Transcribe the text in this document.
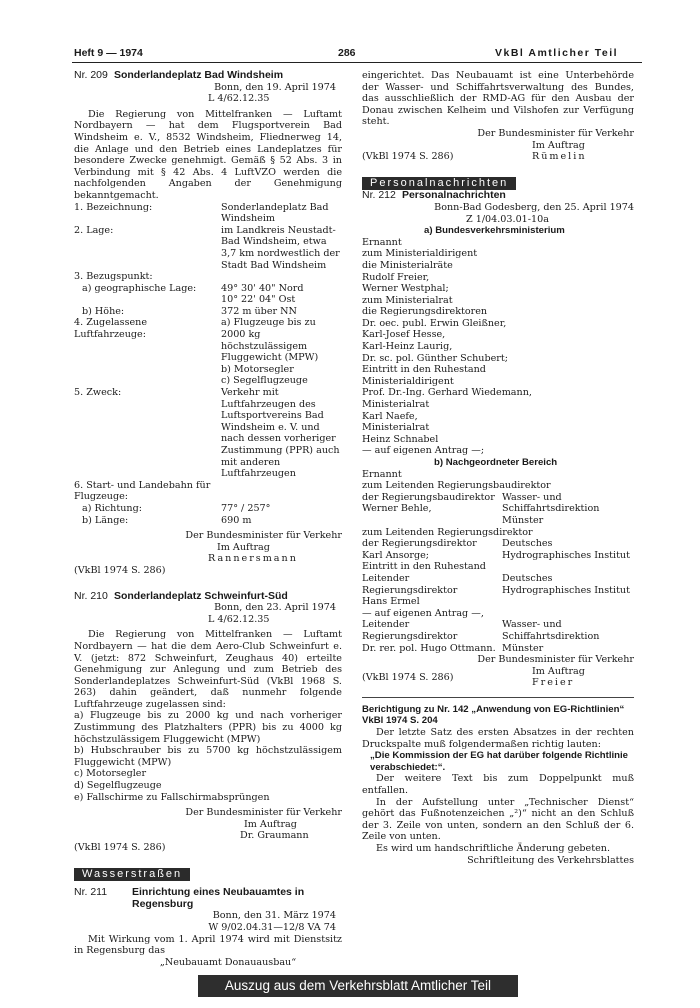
Heft 9 — 1974	286	VkBl Amtlicher Teil

Nr. 209 Sonderlandeplatz Bad Windsheim

Bonn, den 19. April 1974

L 4/62.12.35

Die Regierung von Mittelfranken — Luftamt Nordbayern — hat dem Flugsportverein Bad Windsheim e. V., 8532 Windsheim, Fliednerweg 14, die Anlage und den Betrieb eines Landeplatzes für besondere Zwecke genehmigt. Gemäß § 52 Abs. 3 in Verbindung mit § 42 Abs. 4 LuftVZO werden die nachfolgenden Angaben der Genehmigung bekanntgemacht.

1. Bezeichnung:	Sonderlandeplatz Bad Windsheim
2. Lage:	im Landkreis Neustadt-Bad Windsheim, etwa 3,7 km nordwestlich der Stadt Bad Windsheim
3. Bezugspunkt:	
a) geographische Lage:	49° 30' 40" Nord
10° 22' 04" Ost
b) Höhe:	372 m über NN
4. Zugelassene Luftfahrzeuge:	a) Flugzeuge bis zu 2000 kg höchstzulässigem Fluggewicht (MPW)
b) Motorsegler
c) Segelflugzeuge
5. Zweck:	Verkehr mit Luftfahrzeugen des Luftsportvereins Bad Windsheim e. V. und nach dessen vorheriger Zustimmung (PPR) auch mit anderen Luftfahrzeugen
6. Start- und Landebahn für Flugzeuge:	
a) Richtung:	77° / 257°
b) Länge:	690 m

Der Bundesminister für Verkehr

Im Auftrag

Rannersmann

(VkBl 1974 S. 286)

Nr. 210 Sonderlandeplatz Schweinfurt-Süd

Bonn, den 23. April 1974

L 4/62.12.35

Die Regierung von Mittelfranken — Luftamt Nordbayern — hat die dem Aero-Club Schweinfurt e. V. (jetzt: 872 Schweinfurt, Zeughaus 40) erteilte Genehmigung zur Anlegung und zum Betrieb des Sonderlandeplatzes Schweinfurt-Süd (VkBl 1968 S. 263) dahin geändert, daß nunmehr folgende Luftfahrzeuge zugelassen sind:

a) Flugzeuge bis zu 2000 kg und nach vorheriger Zustimmung des Platzhalters (PPR) bis zu 4000 kg höchstzulässigem Fluggewicht (MPW)

b) Hubschrauber bis zu 5700 kg höchstzulässigem Fluggewicht (MPW)

c) Motorsegler

d) Segelflugzeuge

e) Fallschirme zu Fallschirmabsprüngen

Der Bundesminister für Verkehr

Im Auftrag

Dr. Graumann

(VkBl 1974 S. 286)

Wasserstraßen

Nr. 211	Einrichtung eines Neubauamtes in Regensburg

Bonn, den 31. März 1974

W 9/02.04.31—12/8 VA 74

Mit Wirkung vom 1. April 1974 wird mit Dienstsitz in Regensburg das

„Neubauamt Donauausbau“

eingerichtet. Das Neubauamt ist eine Unterbehörde der Wasser- und Schiffahrtsverwaltung des Bundes, das ausschließlich der RMD-AG für den Ausbau der Donau zwischen Kelheim und Vilshofen zur Verfügung steht.

Der Bundesminister für Verkehr

(VkBl 1974 S. 286)	

Im Auftrag

Rümelin

Personalnachrichten

Nr. 212 Personalnachrichten

Bonn-Bad Godesberg, den 25. April 1974

Z 1/04.03.01-10a

a) Bundesverkehrsministerium

Ernannt

zum Ministerialdirigent

die Ministerialräte

Rudolf Freier,

Werner Westphal;

zum Ministerialrat

die Regierungsdirektoren

Dr. oec. publ. Erwin Gleißner,

Karl-Josef Hesse,

Karl-Heinz Laurig,

Dr. sc. pol. Günther Schubert;

Eintritt in den Ruhestand

Ministerialdirigent

Prof. Dr.-Ing. Gerhard Wiedemann,

Ministerialrat

Karl Naefe,

Ministerialrat

Heinz Schnabel

— auf eigenen Antrag —;

b) Nachgeordneter Bereich

Ernannt

zum Leitenden Regierungsbaudirektor

der Regierungsbaudirektor
Werner Behle,	Wasser- und Schiffahrtsdirektion Münster

zum Leitenden Regierungsdirektor

der Regierungsdirektor
Karl Ansorge;	Deutsches Hydrographisches Institut

Eintritt in den Ruhestand

Leitender Regierungsdirektor
Hans Ermel
— auf eigenen Antrag —,	Deutsches Hydrographisches Institut
Leitender Regierungsdirektor
Dr. rer. pol. Hugo Ottmann.	Wasser- und Schiffahrtsdirektion Münster

Der Bundesminister für Verkehr

(VkBl 1974 S. 286)	

Im Auftrag

Freier

Berichtigung zu Nr. 142 „Anwendung von EG-Richtlinien“ VkBl 1974 S. 204

Der letzte Satz des ersten Absatzes in der rechten Druckspalte muß folgendermaßen richtig lauten:

„Die Kommission der EG hat darüber folgende Richtlinie verabschiedet:“.

Der weitere Text bis zum Doppelpunkt muß entfallen.

In der Aufstellung unter „Technischer Dienst“ gehört das Fußnotenzeichen „²)“ nicht an den Schluß der 3. Zeile von unten, sondern an den Schluß der 6. Zeile von unten.

Es wird um handschriftliche Änderung gebeten.

Schriftleitung des Verkehrsblattes

Auszug aus dem Verkehrsblatt Amtlicher Teil
